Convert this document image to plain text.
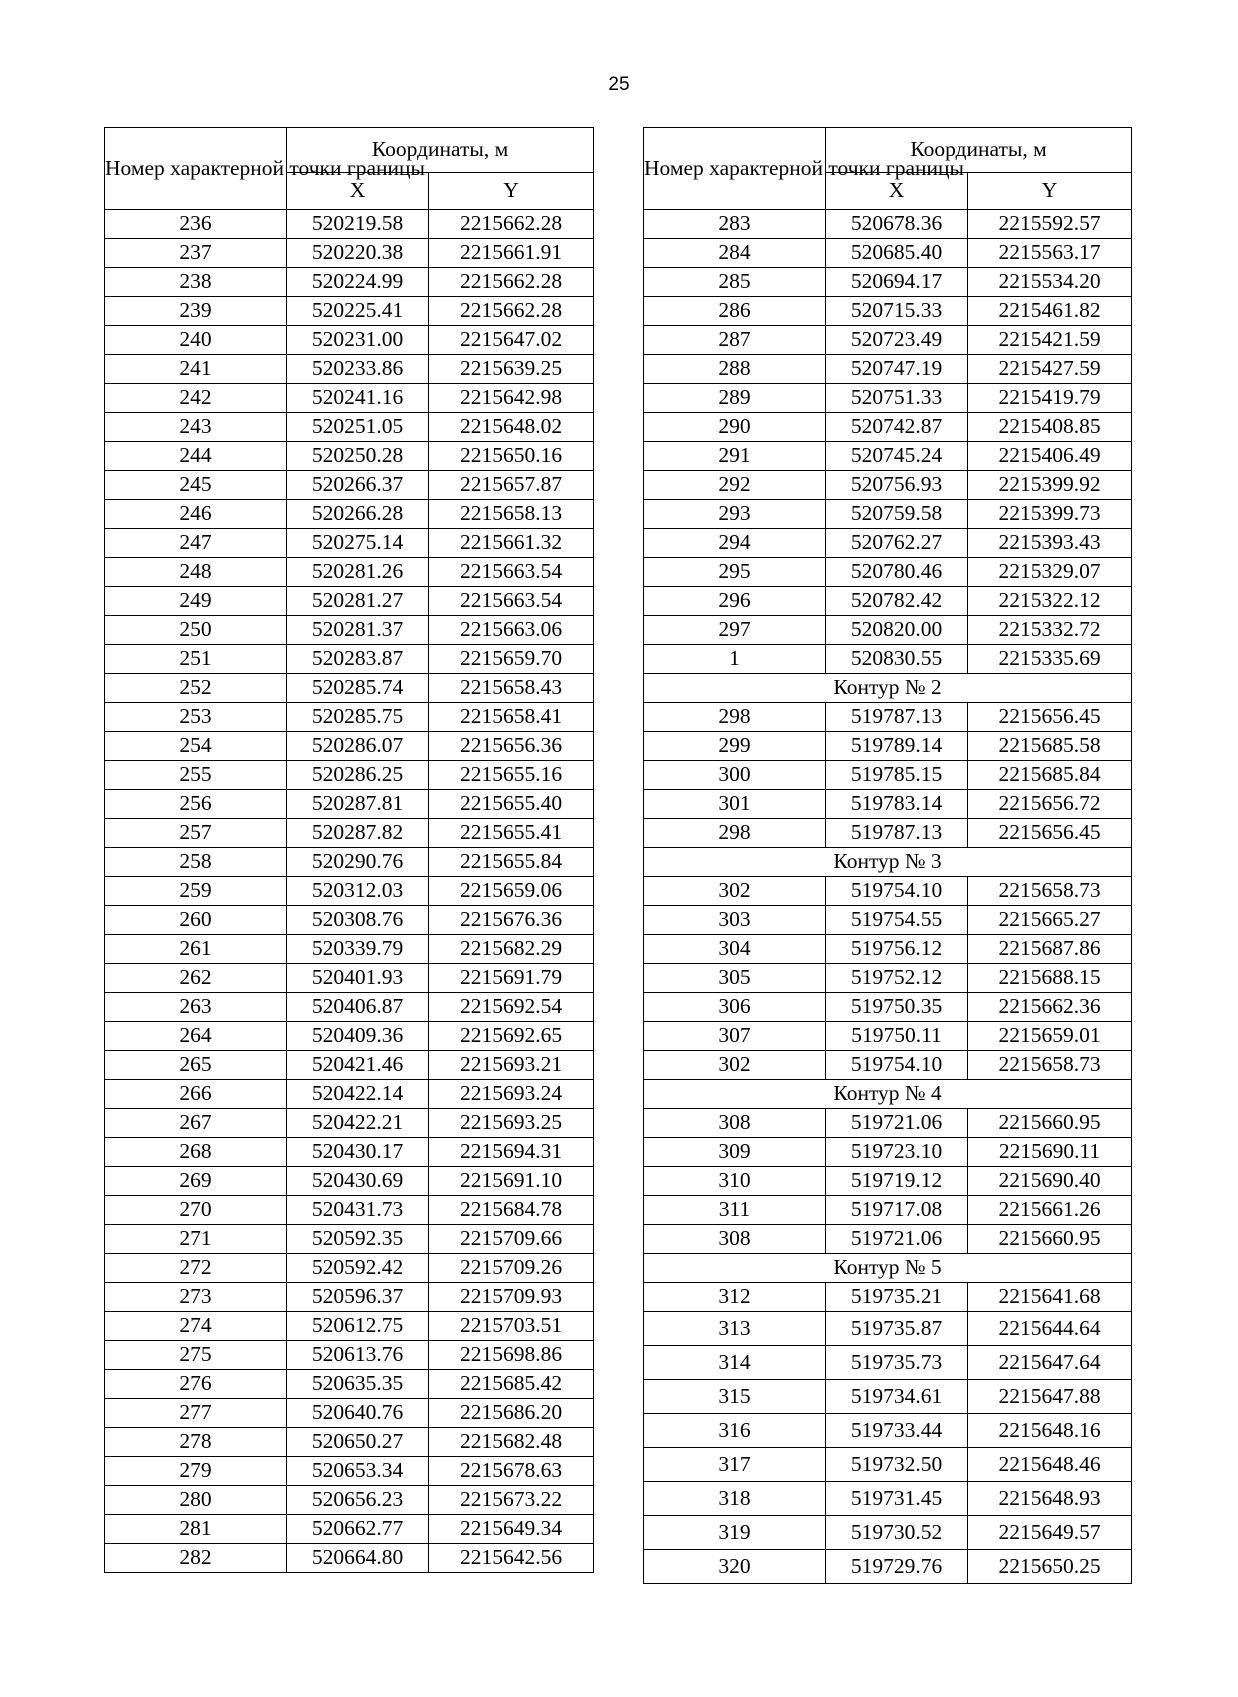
25
Номер характерной точки границы	Координаты, м	
	X	Y
236	520219.58	2215662.28
237	520220.38	2215661.91
238	520224.99	2215662.28
239	520225.41	2215662.28
240	520231.00	2215647.02
241	520233.86	2215639.25
242	520241.16	2215642.98
243	520251.05	2215648.02
244	520250.28	2215650.16
245	520266.37	2215657.87
246	520266.28	2215658.13
247	520275.14	2215661.32
248	520281.26	2215663.54
249	520281.27	2215663.54
250	520281.37	2215663.06
251	520283.87	2215659.70
252	520285.74	2215658.43
253	520285.75	2215658.41
254	520286.07	2215656.36
255	520286.25	2215655.16
256	520287.81	2215655.40
257	520287.82	2215655.41
258	520290.76	2215655.84
259	520312.03	2215659.06
260	520308.76	2215676.36
261	520339.79	2215682.29
262	520401.93	2215691.79
263	520406.87	2215692.54
264	520409.36	2215692.65
265	520421.46	2215693.21
266	520422.14	2215693.24
267	520422.21	2215693.25
268	520430.17	2215694.31
269	520430.69	2215691.10
270	520431.73	2215684.78
271	520592.35	2215709.66
272	520592.42	2215709.26
273	520596.37	2215709.93
274	520612.75	2215703.51
275	520613.76	2215698.86
276	520635.35	2215685.42
277	520640.76	2215686.20
278	520650.27	2215682.48
279	520653.34	2215678.63
280	520656.23	2215673.22
281	520662.77	2215649.34
282	520664.80	2215642.56
Номер характерной точки границы	Координаты, м	
	X	Y
283	520678.36	2215592.57
284	520685.40	2215563.17
285	520694.17	2215534.20
286	520715.33	2215461.82
287	520723.49	2215421.59
288	520747.19	2215427.59
289	520751.33	2215419.79
290	520742.87	2215408.85
291	520745.24	2215406.49
292	520756.93	2215399.92
293	520759.58	2215399.73
294	520762.27	2215393.43
295	520780.46	2215329.07
296	520782.42	2215322.12
297	520820.00	2215332.72
1	520830.55	2215335.69
Контур № 2		
298	519787.13	2215656.45
299	519789.14	2215685.58
300	519785.15	2215685.84
301	519783.14	2215656.72
298	519787.13	2215656.45
Контур № 3		
302	519754.10	2215658.73
303	519754.55	2215665.27
304	519756.12	2215687.86
305	519752.12	2215688.15
306	519750.35	2215662.36
307	519750.11	2215659.01
302	519754.10	2215658.73
Контур № 4		
308	519721.06	2215660.95
309	519723.10	2215690.11
310	519719.12	2215690.40
311	519717.08	2215661.26
308	519721.06	2215660.95
Контур № 5		
312	519735.21	2215641.68
313	519735.87	2215644.64
314	519735.73	2215647.64
315	519734.61	2215647.88
316	519733.44	2215648.16
317	519732.50	2215648.46
318	519731.45	2215648.93
319	519730.52	2215649.57
320	519729.76	2215650.25
